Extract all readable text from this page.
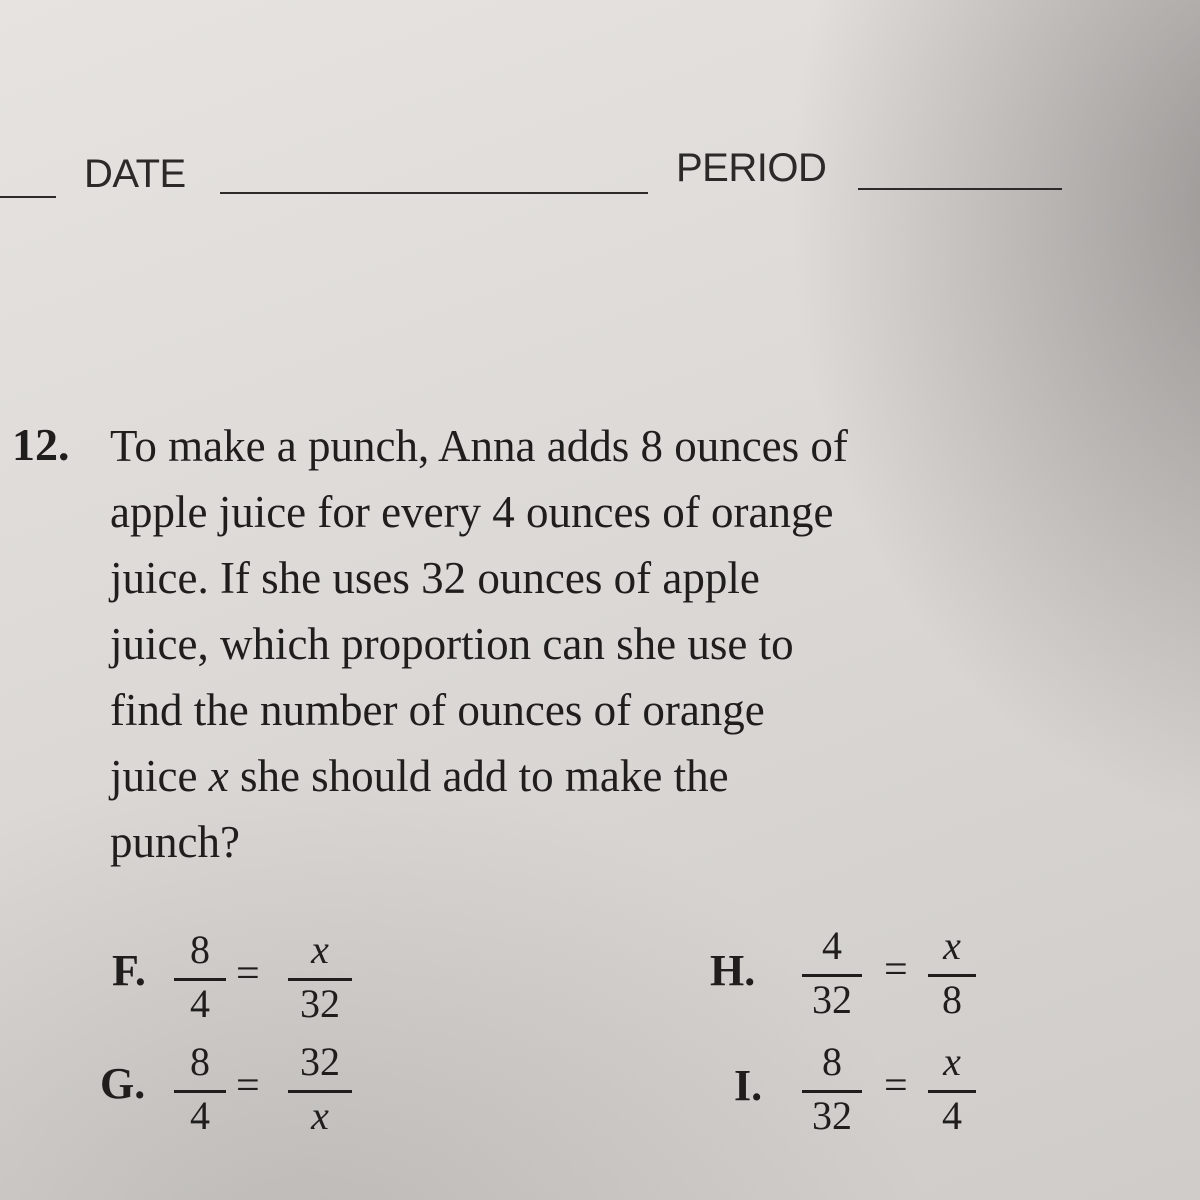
DATE	PERIOD

12. To make a punch, Anna adds 8 ounces of
apple juice for every 4 ounces of orange
juice. If she uses 32 ounces of apple
juice, which proportion can she use to
find the number of ounces of orange
juice x she should add to make the
punch?
F.	8
4
=
x
32
G.	8
4
=
32
x
H.
4
32
=
x
8
I.	8
32
=
x
4
